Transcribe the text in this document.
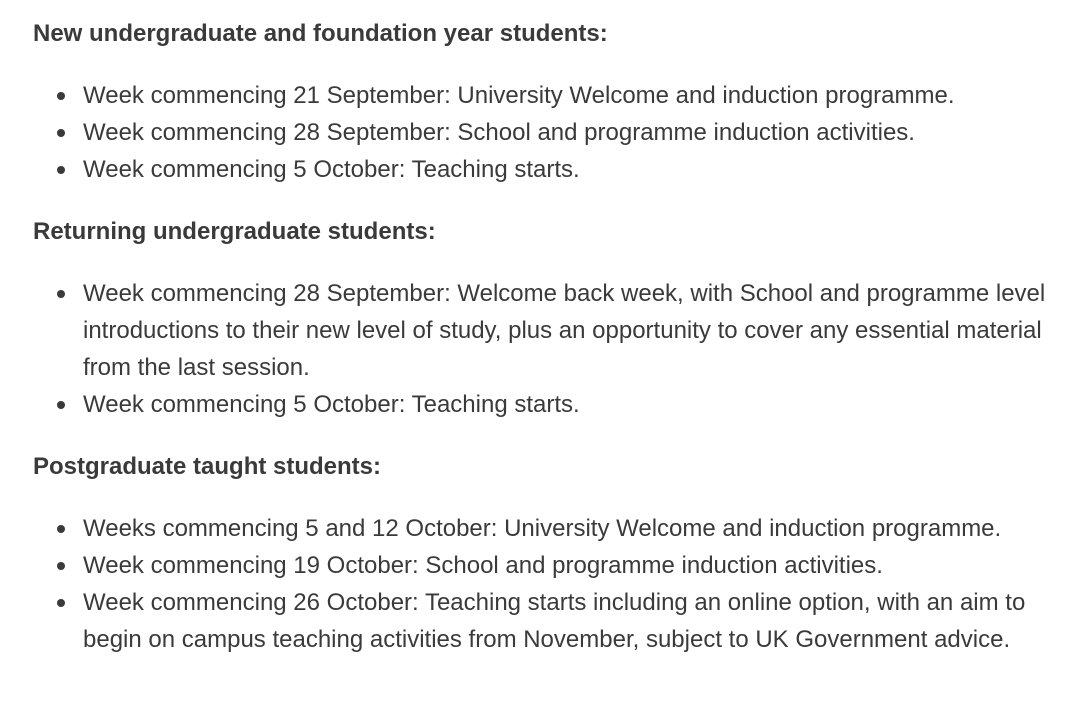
New undergraduate and foundation year students:
Week commencing 21 September: University Welcome and induction programme.
Week commencing 28 September: School and programme induction activities.
Week commencing 5 October: Teaching starts.
Returning undergraduate students:
Week commencing 28 September: Welcome back week, with School and programme level introductions to their new level of study, plus an opportunity to cover any essential material from the last session.
Week commencing 5 October: Teaching starts.
Postgraduate taught students:
Weeks commencing 5 and 12 October: University Welcome and induction programme.
Week commencing 19 October: School and programme induction activities.
Week commencing 26 October: Teaching starts including an online option, with an aim to begin on campus teaching activities from November, subject to UK Government advice.
